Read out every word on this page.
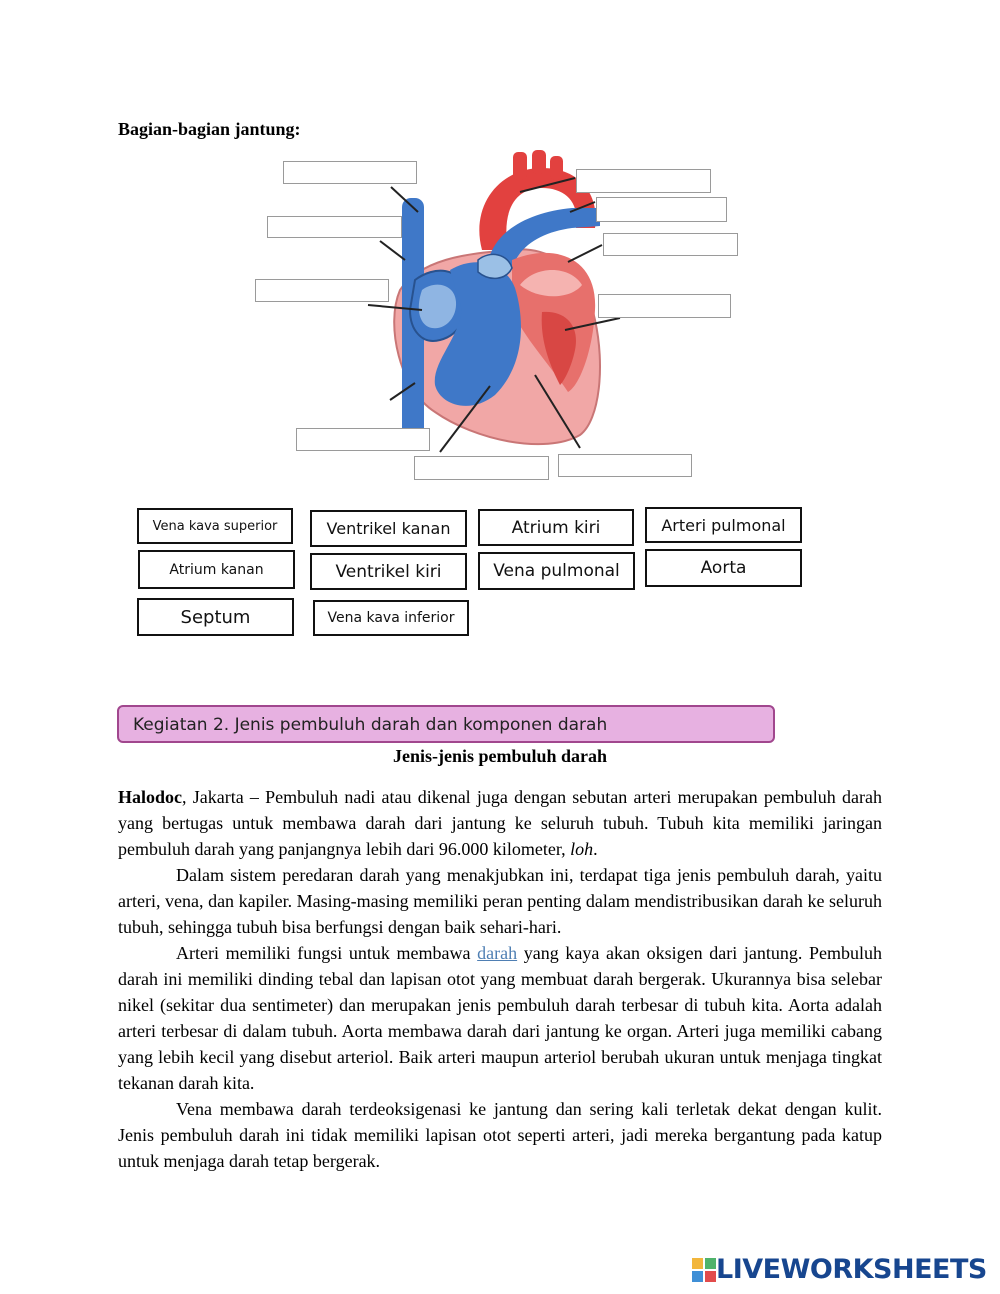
Bagian-bagian jantung:
Vena kava superior	Ventrikel kanan	Atrium kiri	Arteri pulmonal
Atrium kanan	Ventrikel kiri	Vena pulmonal	Aorta
Septum	Vena kava inferior
Kegiatan 2. Jenis pembuluh darah dan komponen darah
Jenis-jenis pembuluh darah

Halodoc, Jakarta – Pembuluh nadi atau dikenal juga dengan sebutan arteri merupakan pembuluh darah yang bertugas untuk membawa darah dari jantung ke seluruh tubuh. Tubuh kita memiliki jaringan pembuluh darah yang panjangnya lebih dari 96.000 kilometer, loh.

Dalam sistem peredaran darah yang menakjubkan ini, terdapat tiga jenis pembuluh darah, yaitu arteri, vena, dan kapiler. Masing-masing memiliki peran penting dalam mendistribusikan darah ke seluruh tubuh, sehingga tubuh bisa berfungsi dengan baik sehari-hari.

Arteri memiliki fungsi untuk membawa darah yang kaya akan oksigen dari jantung. Pembuluh darah ini memiliki dinding tebal dan lapisan otot yang membuat darah bergerak. Ukurannya bisa selebar nikel (sekitar dua sentimeter) dan merupakan jenis pembuluh darah terbesar di tubuh kita. Aorta adalah arteri terbesar di dalam tubuh. Aorta membawa darah dari jantung ke organ. Arteri juga memiliki cabang yang lebih kecil yang disebut arteriol. Baik arteri maupun arteriol berubah ukuran untuk menjaga tingkat tekanan darah kita.

Vena membawa darah terdeoksigenasi ke jantung dan sering kali terletak dekat dengan kulit. Jenis pembuluh darah ini tidak memiliki lapisan otot seperti arteri, jadi mereka bergantung pada katup untuk menjaga darah tetap bergerak.

LIVEWORKSHEETS
